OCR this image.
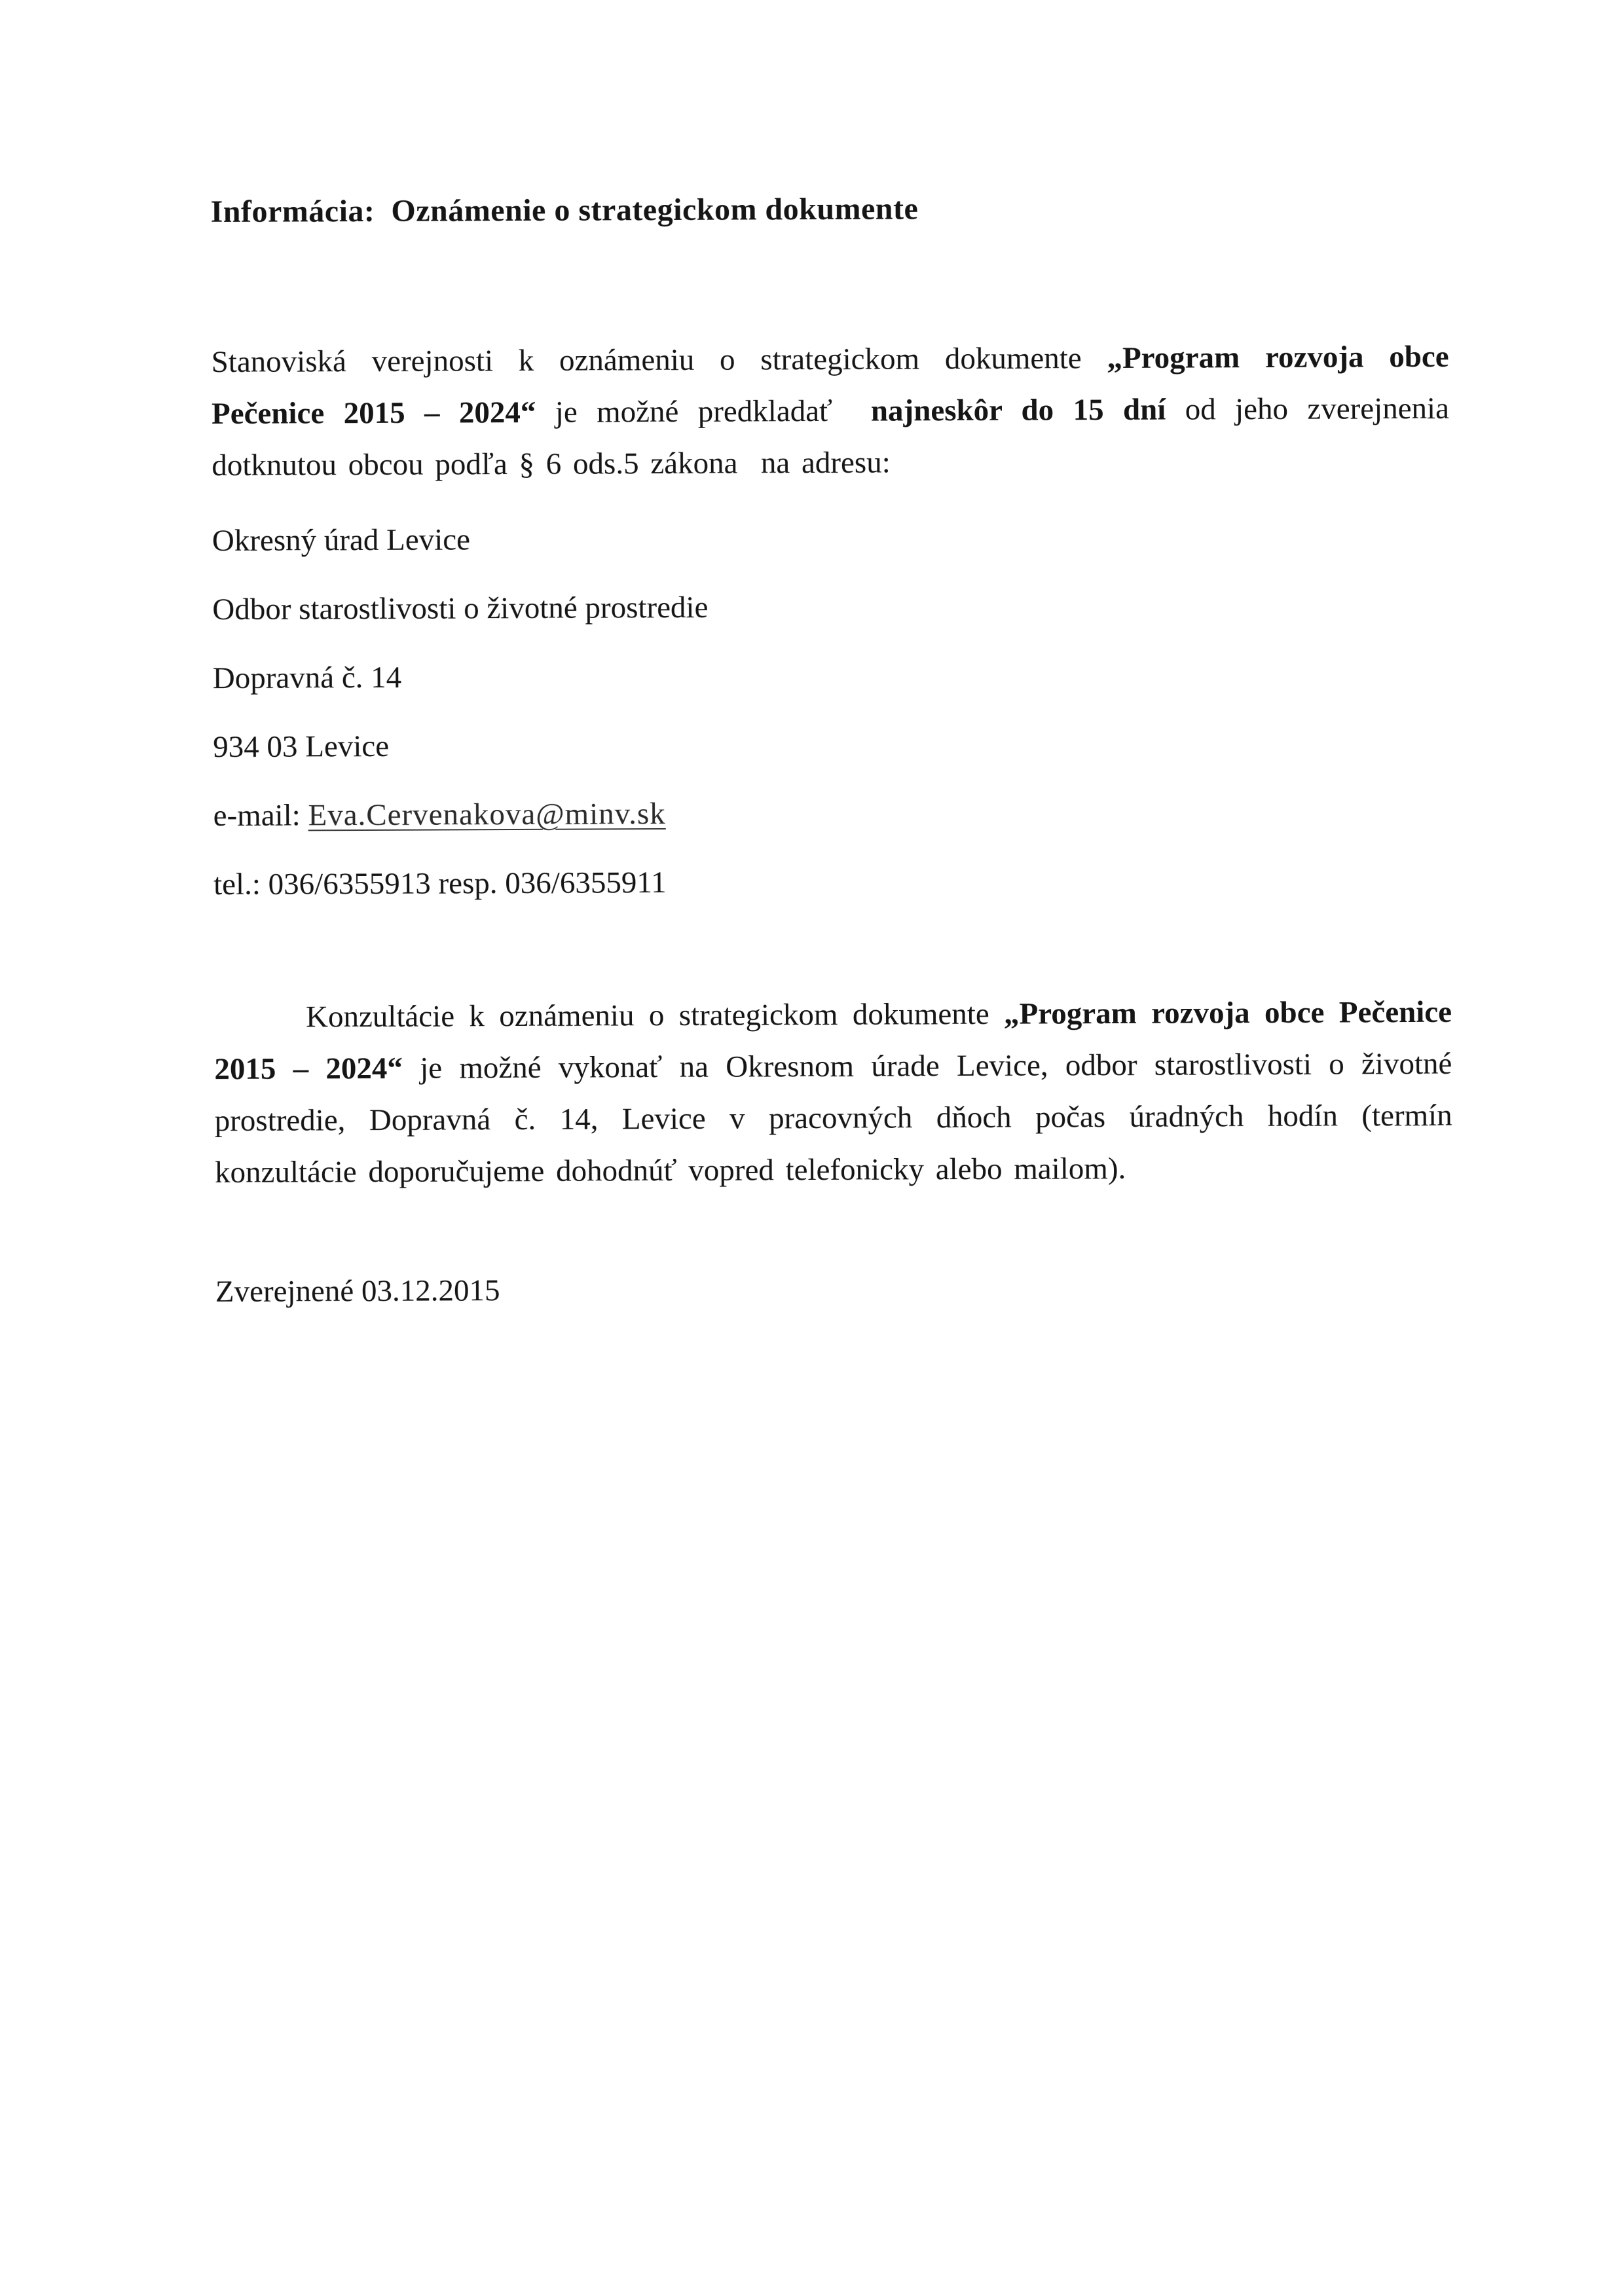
Informácia:  Oznámenie o strategickom dokumente

Stanoviská verejnosti k oznámeniu o strategickom dokumente „Program rozvoja obce Pečenice 2015 – 2024“ je možné predkladať  najneskôr do 15 dní od jeho zverejnenia dotknutou obcou podľa § 6 ods.5 zákona  na adresu:

Okresný úrad Levice

Odbor starostlivosti o životné prostredie

Dopravná č. 14

934 03 Levice

e-mail: Eva.Cervenakova@minv.sk

tel.: 036/6355913 resp. 036/6355911

Konzultácie k oznámeniu o strategickom dokumente „Program rozvoja obce Pečenice 2015 – 2024“ je možné vykonať na Okresnom úrade Levice, odbor starostlivosti o životné prostredie, Dopravná č. 14, Levice v pracovných dňoch počas úradných hodín (termín konzultácie doporučujeme dohodnúť vopred telefonicky alebo mailom).

Zverejnené 03.12.2015
